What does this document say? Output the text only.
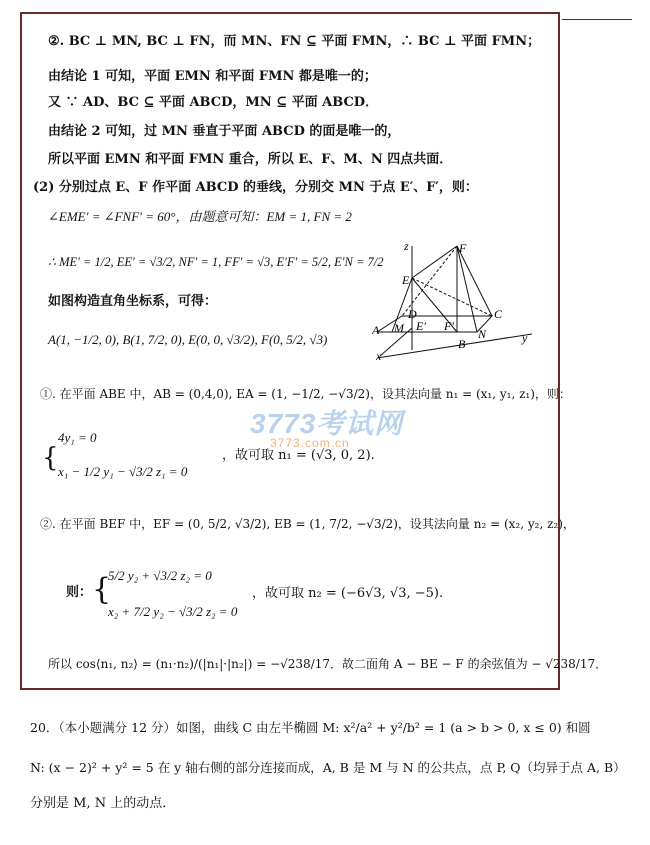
②. BC ⊥ MN, BC ⊥ FN，而 MN、FN ⊆ 平面 FMN，∴ BC ⊥ 平面 FMN；
由结论 1 可知，平面 EMN 和平面 FMN 都是唯一的；
又 ∵ AD、BC ⊆ 平面 ABCD，MN ⊆ 平面 ABCD．
由结论 2 可知，过 MN 垂直于平面 ABCD 的面是唯一的，
所以平面 EMN 和平面 FMN 重合，所以 E、F、M、N 四点共面．
(2) 分别过点 E、F 作平面 ABCD 的垂线，分别交 MN 于点 E′、F′，则：
∠EME′ = ∠FNF′ = 60°，由题意可知：EM = 1, FN = 2
∴ ME′ = 1/2, EE′ = √3/2, NF′ = 1, FF′ = √3, E′F′ = 5/2, E′N = 7/2
如图构造直角坐标系，可得：
A(1, −1/2, 0), B(1, 7/2, 0), E(0, 0, √3/2), F(0, 5/2, √3)
z	F
E
D	C
A M E′ F′
B
N	y
x
①. 在平面 ABE 中，AB = (0,4,0), EA = (1, −1/2, −√3/2)，设其法向量 n₁ = (x₁, y₁, z₁)，则：
3773考试网
3773.com.cn
{
4y₁ = 0
x₁ − 1/2 y₁ − √3/2 z₁ = 0
，故可取 n₁ = (√3, 0, 2).
②. 在平面 BEF 中，EF = (0, 5/2, √3/2), EB = (1, 7/2, −√3/2)，设其法向量 n₂ = (x₂, y₂, z₂)，
则： {
5/2 y₂ + √3/2 z₂ = 0
x₂ + 7/2 y₂ − √3/2 z₂ = 0
，故可取 n₂ = (−6√3, √3, −5).
所以 cos⟨n₁, n₂⟩ = (n₁·n₂)/(|n₁|·|n₂|) = −√238/17．故二面角 A − BE − F 的余弦值为 − √238/17．
20．（本小题满分 12 分）如图，曲线 C 由左半椭圆 M: x²/a² + y²/b² = 1 (a > b > 0, x ≤ 0) 和圆
N: (x − 2)² + y² = 5 在 y 轴右侧的部分连接而成，A, B 是 M 与 N 的公共点，点 P, Q（均异于点 A, B）
分别是 M, N 上的动点．
